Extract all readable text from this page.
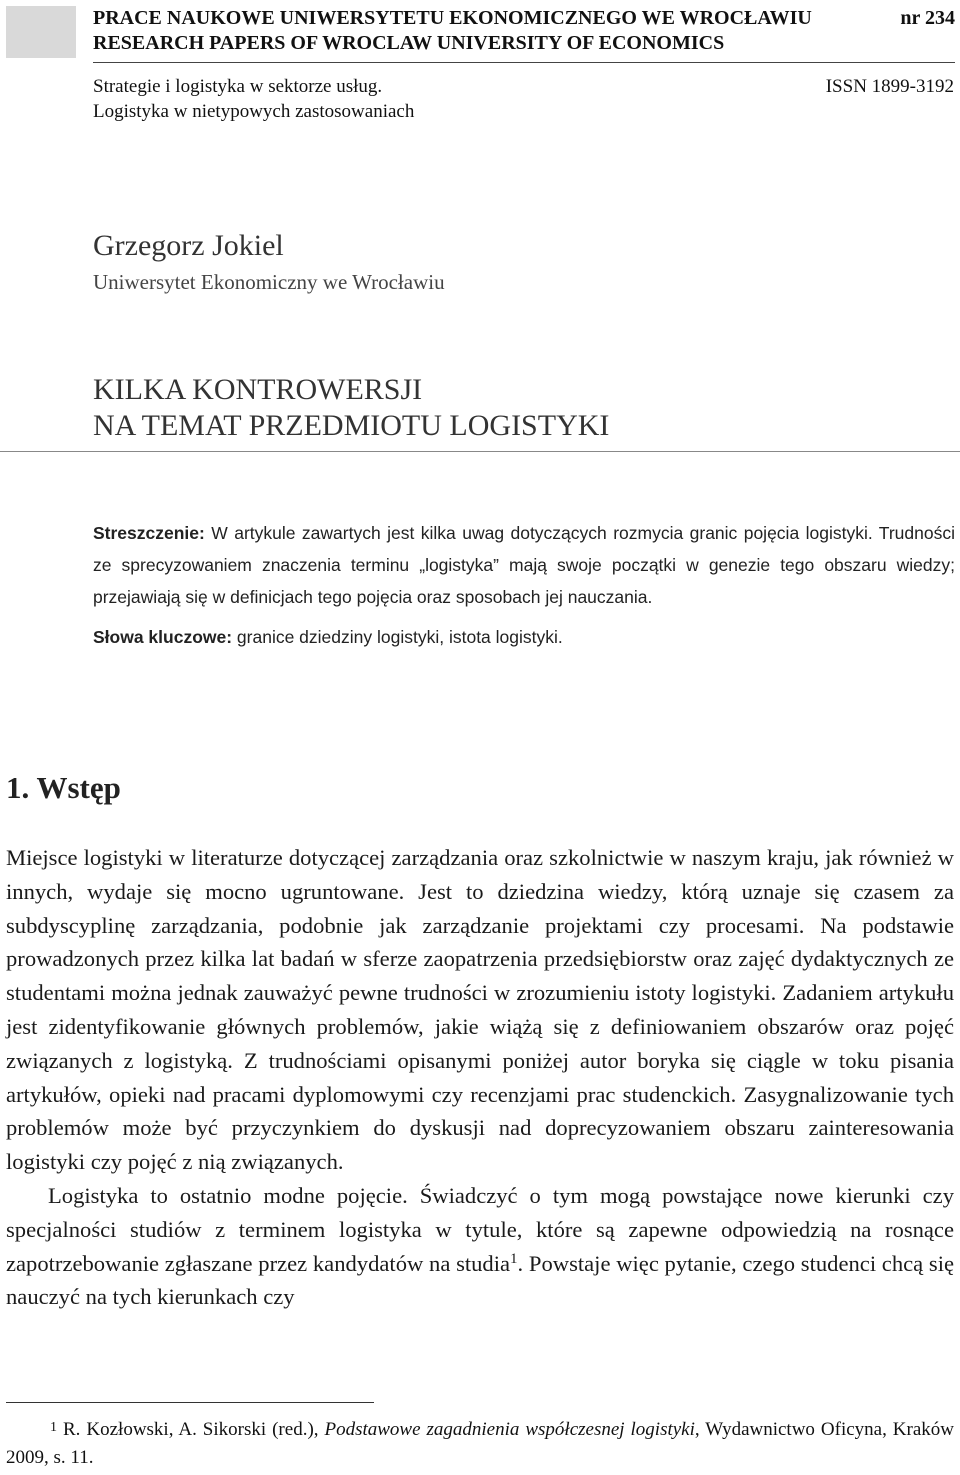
PRACE NAUKOWE UNIWERSYTETU EKONOMICZNEGO WE WROCŁAWIU	nr 234
RESEARCH PAPERS OF WROCLAW UNIVERSITY OF ECONOMICS
Strategie i logistyka w sektorze usług.
Logistyka w nietypowych zastosowaniach
ISSN 1899-3192
Grzegorz Jokiel
Uniwersytet Ekonomiczny we Wrocławiu
KILKA KONTROWERSJI
NA TEMAT PRZEDMIOTU LOGISTYKI
Streszczenie: W artykule zawartych jest kilka uwag dotyczących rozmycia granic pojęcia logistyki. Trudności ze sprecyzowaniem znaczenia terminu „logistyka” mają swoje początki w genezie tego obszaru wiedzy; przejawiają się w definicjach tego pojęcia oraz sposobach jej nauczania.
Słowa kluczowe: granice dziedziny logistyki, istota logistyki.
1. Wstęp

Miejsce logistyki w literaturze dotyczącej zarządzania oraz szkolnictwie w naszym kraju, jak również w innych, wydaje się mocno ugruntowane. Jest to dziedzina wiedzy, którą uznaje się czasem za subdyscyplinę zarządzania, podobnie jak zarządzanie projektami czy procesami. Na podstawie prowadzonych przez kilka lat badań w sferze zaopatrzenia przedsiębiorstw oraz zajęć dydaktycznych ze studentami można jednak zauważyć pewne trudności w zrozumieniu istoty logistyki. Zadaniem artykułu jest zidentyfikowanie głównych problemów, jakie wiążą się z definiowaniem obszarów oraz pojęć związanych z logistyką. Z trudnościami opisanymi poniżej autor boryka się ciągle w toku pisania artykułów, opieki nad pracami dyplomowymi czy recenzjami prac studenckich. Zasygnalizowanie tych problemów może być przyczynkiem do dyskusji nad doprecyzowaniem obszaru zainteresowania logistyki czy pojęć z nią związanych.

Logistyka to ostatnio modne pojęcie. Świadczyć o tym mogą powstające nowe kierunki czy specjalności studiów z terminem logistyka w tytule, które są zapewne odpowiedzią na rosnące zapotrzebowanie zgłaszane przez kandydatów na studia$^1$. Powstaje więc pytanie, czego studenci chcą się nauczyć na tych kierunkach czy

$^1$ R. Kozłowski, A. Sikorski (red.), Podstawowe zagadnienia współczesnej logistyki, Wydawnictwo Oficyna, Kraków 2009, s. 11.
